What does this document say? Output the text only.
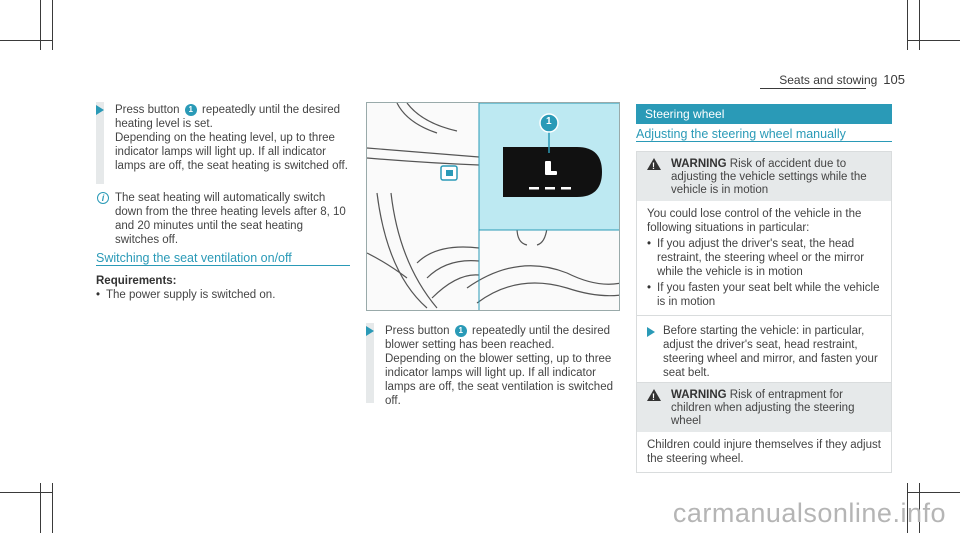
Seats and stowing 105
Press button 1 repeatedly until the desired heating level is set.
Depending on the heating level, up to three indicator lamps will light up. If all indicator lamps are off, the seat heating is switched off.
i The seat heating will automatically switch down from the three heating levels after 8, 10 and 20 minutes until the seat heating switches off.
Switching the seat ventilation on/off
Requirements:
• The power supply is switched on.
1
Press button 1 repeatedly until the desired blower setting has been reached.
Depending on the blower setting, up to three indicator lamps will light up. If all indicator lamps are off, the seat ventilation is switched off.
Steering wheel
Adjusting the steering wheel manually
!
WARNING Risk of accident due to adjusting the vehicle settings while the vehicle is in motion
You could lose control of the vehicle in the following situations in particular:
• If you adjust the driver's seat, the head restraint, the steering wheel or the mirror while the vehicle is in motion
• If you fasten your seat belt while the vehicle is in motion
Before starting the vehicle: in particular, adjust the driver's seat, head restraint, steering wheel and mirror, and fasten your seat belt.
!
WARNING Risk of entrapment for children when adjusting the steering wheel
Children could injure themselves if they adjust the steering wheel.
carmanualsonline.info
